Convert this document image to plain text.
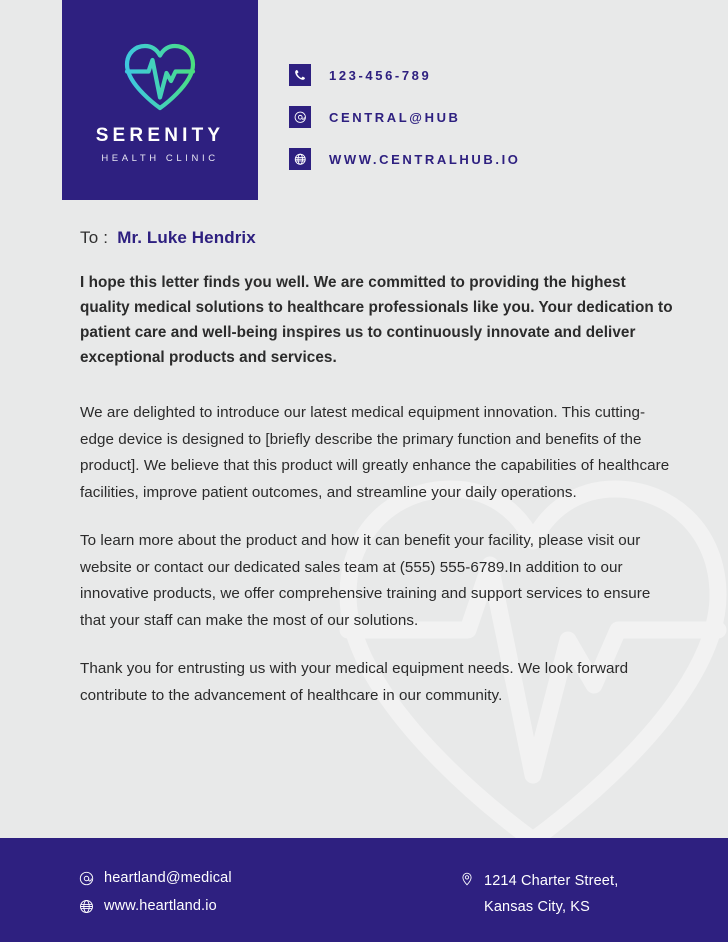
SERENITY
HEALTH CLINIC
123-456-789
CENTRAL@HUB
WWW.CENTRALHUB.IO
To : Mr. Luke Hendrix

I hope this letter finds you well. We are committed to providing the highest quality medical solutions to healthcare professionals like you. Your dedication to patient care and well-being inspires us to continuously innovate and deliver exceptional products and services.

We are delighted to introduce our latest medical equipment innovation. This cutting-edge device is designed to [briefly describe the primary function and benefits of the product]. We believe that this product will greatly enhance the capabilities of healthcare facilities, improve patient outcomes, and streamline your daily operations.

To learn more about the product and how it can benefit your facility, please visit our website or contact our dedicated sales team at (555) 555-6789.In addition to our innovative products, we offer comprehensive training and support services to ensure that your staff can make the most of our solutions.

Thank you for entrusting us with your medical equipment needs. We look forward contribute to the advancement of healthcare in our community.

heartland@medical
www.heartland.io
1214 Charter Street,
Kansas City, KS
